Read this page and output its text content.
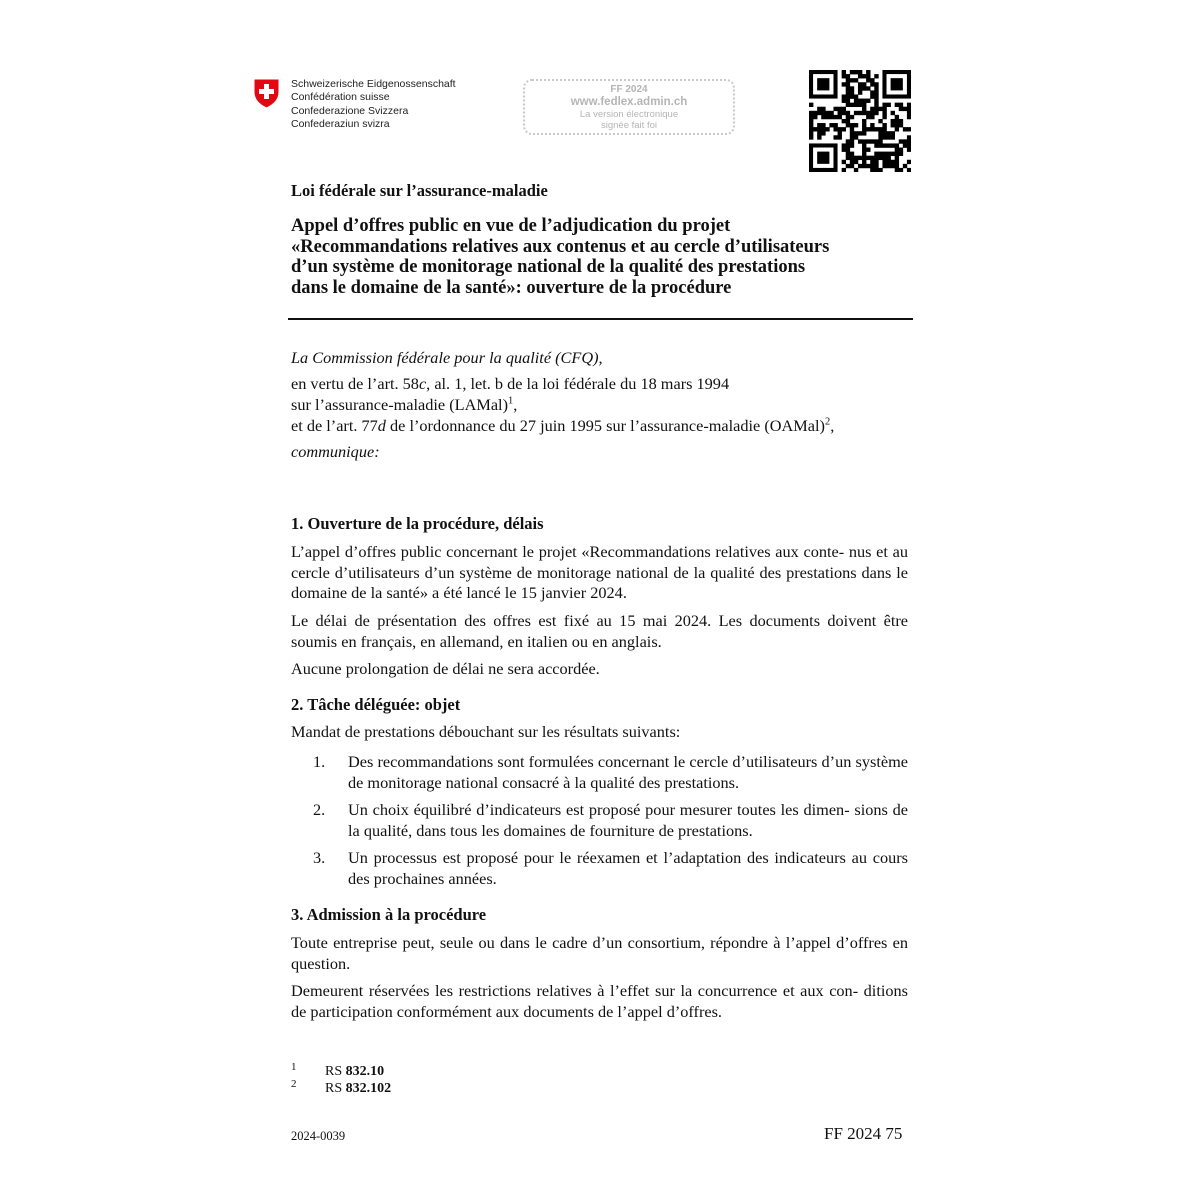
Schweizerische Eidgenossenschaft
Confédération suisse
Confederazione Svizzera
Confederaziun svizra
FF 2024
www.fedlex.admin.ch
La version électronique
signée fait foi
Loi fédérale sur l’assurance-maladie
Appel d’offres public en vue de l’adjudication du projet
«Recommandations relatives aux contenus et au cercle d’utilisateurs
d’un système de monitorage national de la qualité des prestations
dans le domaine de la santé»: ouverture de la procédure
La Commission fédérale pour la qualité (CFQ),
en vertu de l’art. 58c, al. 1, let. b de la loi fédérale du 18 mars 1994
sur l’assurance-maladie (LAMal)$^1$,
et de l’art. 77d de l’ordonnance du 27 juin 1995 sur l’assurance-maladie (OAMal)$^2$,
communique:
1. Ouverture de la procédure, délais
L’appel d’offres public concernant le projet «Recommandations relatives aux conte- nus et au cercle d’utilisateurs d’un système de monitorage national de la qualité des prestations dans le domaine de la santé» a été lancé le 15 janvier 2024.
Le délai de présentation des offres est fixé au 15 mai 2024. Les documents doivent être soumis en français, en allemand, en italien ou en anglais.
Aucune prolongation de délai ne sera accordée.
2. Tâche déléguée: objet
Mandat de prestations débouchant sur les résultats suivants:
1. Des recommandations sont formulées concernant le cercle d’utilisateurs d’un système de monitorage national consacré à la qualité des prestations.
2. Un choix équilibré d’indicateurs est proposé pour mesurer toutes les dimen- sions de la qualité, dans tous les domaines de fourniture de prestations.
3. Un processus est proposé pour le réexamen et l’adaptation des indicateurs au cours des prochaines années.
3. Admission à la procédure
Toute entreprise peut, seule ou dans le cadre d’un consortium, répondre à l’appel d’offres en question.
Demeurent réservées les restrictions relatives à l’effet sur la concurrence et aux con- ditions de participation conformément aux documents de l’appel d’offres.
1 RS 832.10
2 RS 832.102
2024-0039	FF 2024 75
